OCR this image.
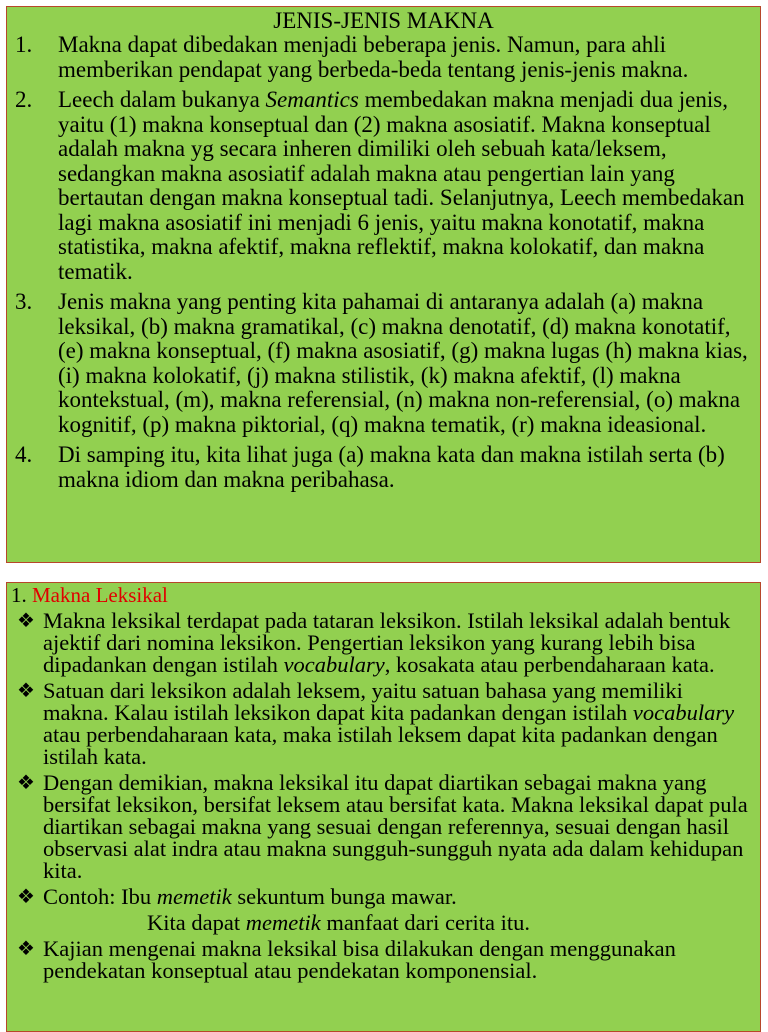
JENIS-JENIS MAKNA
1. Makna dapat dibedakan menjadi beberapa jenis. Namun, para ahli memberikan pendapat yang berbeda-beda tentang jenis-jenis makna.
2. Leech dalam bukanya Semantics membedakan makna menjadi dua jenis, yaitu (1) makna konseptual dan (2) makna asosiatif. Makna konseptual adalah makna yg secara inheren dimiliki oleh sebuah kata/leksem, sedangkan makna asosiatif adalah makna atau pengertian lain yang bertautan dengan makna konseptual tadi. Selanjutnya, Leech membedakan lagi makna asosiatif ini menjadi 6 jenis, yaitu makna konotatif, makna statistika, makna afektif, makna reflektif, makna kolokatif, dan makna tematik.
3. Jenis makna yang penting kita pahamai di antaranya adalah (a) makna leksikal, (b) makna gramatikal, (c) makna denotatif, (d) makna konotatif, (e) makna konseptual, (f) makna asosiatif, (g) makna lugas (h) makna kias, (i) makna kolokatif, (j) makna stilistik, (k) makna afektif, (l) makna kontekstual, (m), makna referensial, (n) makna non-referensial, (o) makna kognitif, (p) makna piktorial, (q) makna tematik, (r) makna ideasional.
4. Di samping itu, kita lihat juga (a) makna kata dan makna istilah serta (b) makna idiom dan makna peribahasa.
1. Makna Leksikal
❖ Makna leksikal terdapat pada tataran leksikon. Istilah leksikal adalah bentuk ajektif dari nomina leksikon. Pengertian leksikon yang kurang lebih bisa dipadankan dengan istilah vocabulary, kosakata atau perbendaharaan kata.
❖ Satuan dari leksikon adalah leksem, yaitu satuan bahasa yang memiliki makna. Kalau istilah leksikon dapat kita padankan dengan istilah vocabulary atau perbendaharaan kata, maka istilah leksem dapat kita padankan dengan istilah kata.
❖ Dengan demikian, makna leksikal itu dapat diartikan sebagai makna yang bersifat leksikon, bersifat leksem atau bersifat kata. Makna leksikal dapat pula diartikan sebagai makna yang sesuai dengan referennya, sesuai dengan hasil observasi alat indra atau makna sungguh-sungguh nyata ada dalam kehidupan kita.
❖ Contoh: Ibu memetik sekuntum bunga mawar.
Kita dapat memetik manfaat dari cerita itu.
❖ Kajian mengenai makna leksikal bisa dilakukan dengan menggunakan pendekatan konseptual atau pendekatan komponensial.
